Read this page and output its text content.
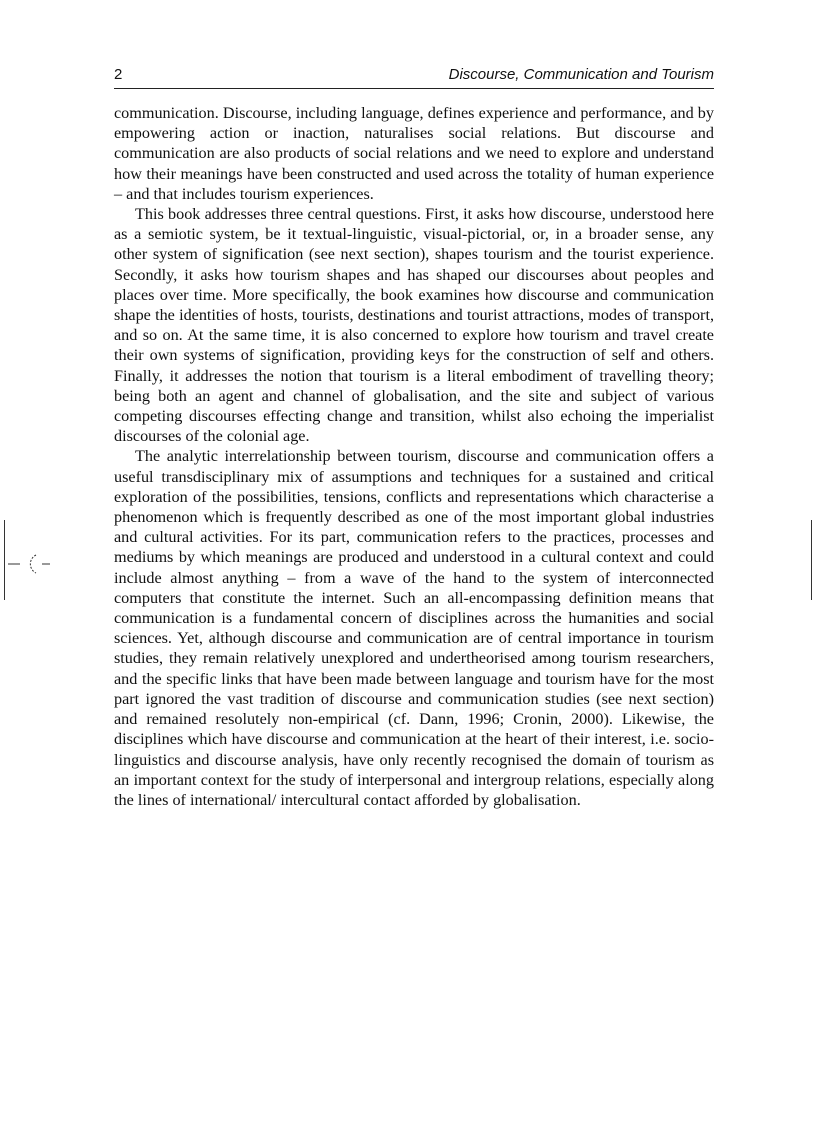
2	Discourse, Communication and Tourism

communication. Discourse, including language, defines experience and performance, and by empowering action or inaction, naturalises social relations. But discourse and communication are also products of social relations and we need to explore and understand how their meanings have been constructed and used across the totality of human experience – and that includes tourism experiences.

This book addresses three central questions. First, it asks how discourse, understood here as a semiotic system, be it textual-linguistic, visual-pictorial, or, in a broader sense, any other system of signification (see next section), shapes tourism and the tourist experience. Secondly, it asks how tourism shapes and has shaped our discourses about peoples and places over time. More specifically, the book examines how discourse and communication shape the identities of hosts, tourists, destinations and tourist attractions, modes of transport, and so on. At the same time, it is also concerned to explore how tourism and travel create their own systems of signification, providing keys for the construction of self and others. Finally, it addresses the notion that tourism is a literal embodiment of travelling theory; being both an agent and channel of globalisation, and the site and subject of various competing discourses effecting change and transition, whilst also echoing the imperialist discourses of the colonial age.

The analytic interrelationship between tourism, discourse and communication offers a useful transdisciplinary mix of assumptions and techniques for a sustained and critical exploration of the possibilities, tensions, conflicts and representations which characterise a phenomenon which is frequently described as one of the most important global industries and cultural activities. For its part, communication refers to the practices, processes and mediums by which meanings are produced and understood in a cultural context and could include almost anything – from a wave of the hand to the system of interconnected computers that constitute the internet. Such an all-encompassing definition means that communication is a fundamental concern of disciplines across the humanities and social sciences. Yet, although discourse and communication are of central importance in tourism studies, they remain relatively unexplored and undertheorised among tourism researchers, and the specific links that have been made between language and tourism have for the most part ignored the vast tradition of discourse and communication studies (see next section) and remained resolutely non-empirical (cf. Dann, 1996; Cronin, 2000). Likewise, the disciplines which have discourse and communication at the heart of their interest, i.e. sociolinguistics and discourse analysis, have only recently recognised the domain of tourism as an important context for the study of interpersonal and intergroup relations, especially along the lines of international/ intercultural contact afforded by globalisation.
